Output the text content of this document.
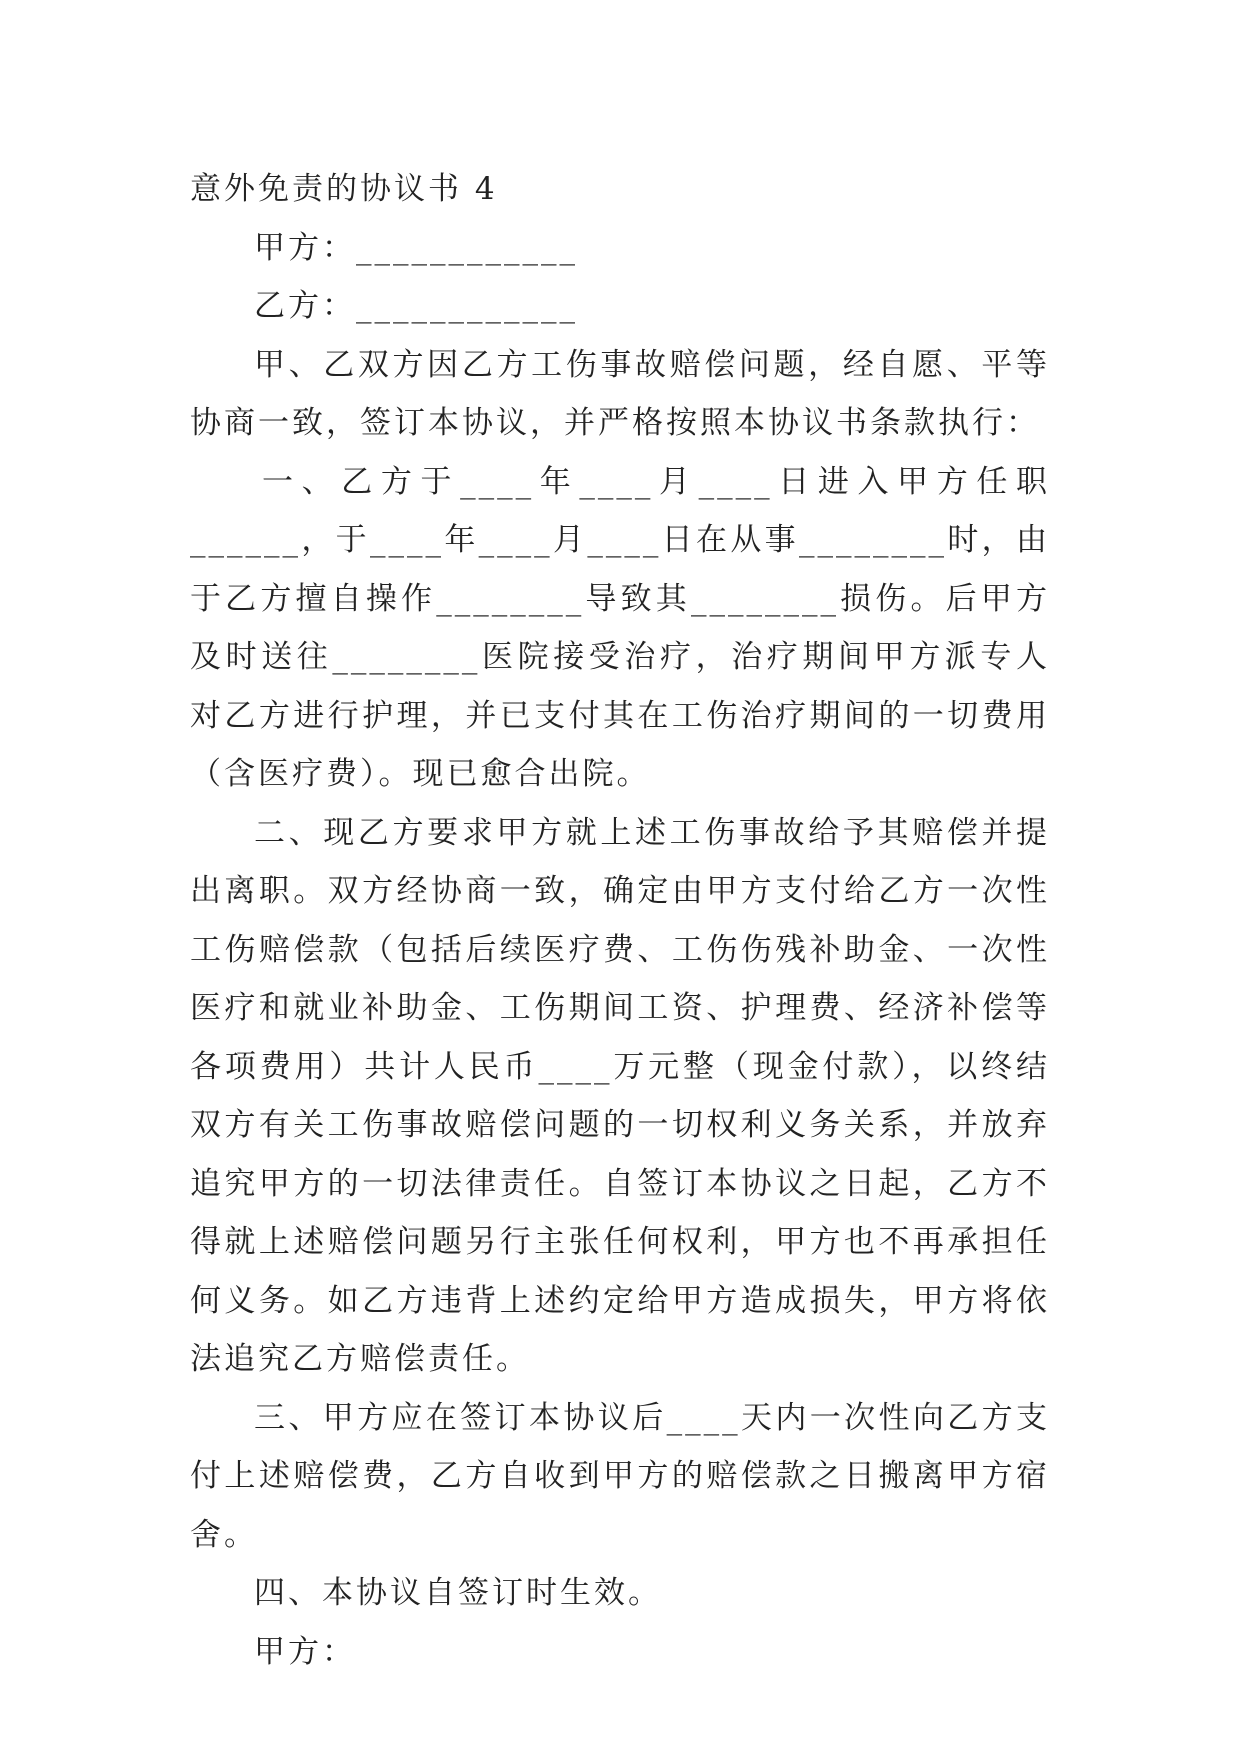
意外免责的协议书 4

甲方：____________

乙方：____________

甲、乙双方因乙方工伤事故赔偿问题，经自愿、平等协商一致，签订本协议，并严格按照本协议书条款执行：

一、乙方于____年____月____日进入甲方任职______，于____年____月____日在从事________时，由于乙方擅自操作________导致其________损伤。后甲方及时送往________医院接受治疗，治疗期间甲方派专人对乙方进行护理，并已支付其在工伤治疗期间的一切费用（含医疗费）。现已愈合出院。

二、现乙方要求甲方就上述工伤事故给予其赔偿并提出离职。双方经协商一致，确定由甲方支付给乙方一次性工伤赔偿款（包括后续医疗费、工伤伤残补助金、一次性医疗和就业补助金、工伤期间工资、护理费、经济补偿等各项费用）共计人民币____万元整（现金付款），以终结双方有关工伤事故赔偿问题的一切权利义务关系，并放弃追究甲方的一切法律责任。自签订本协议之日起，乙方不得就上述赔偿问题另行主张任何权利，甲方也不再承担任何义务。如乙方违背上述约定给甲方造成损失，甲方将依法追究乙方赔偿责任。

三、甲方应在签订本协议后____天内一次性向乙方支付上述赔偿费，乙方自收到甲方的赔偿款之日搬离甲方宿舍。

四、本协议自签订时生效。

甲方：
